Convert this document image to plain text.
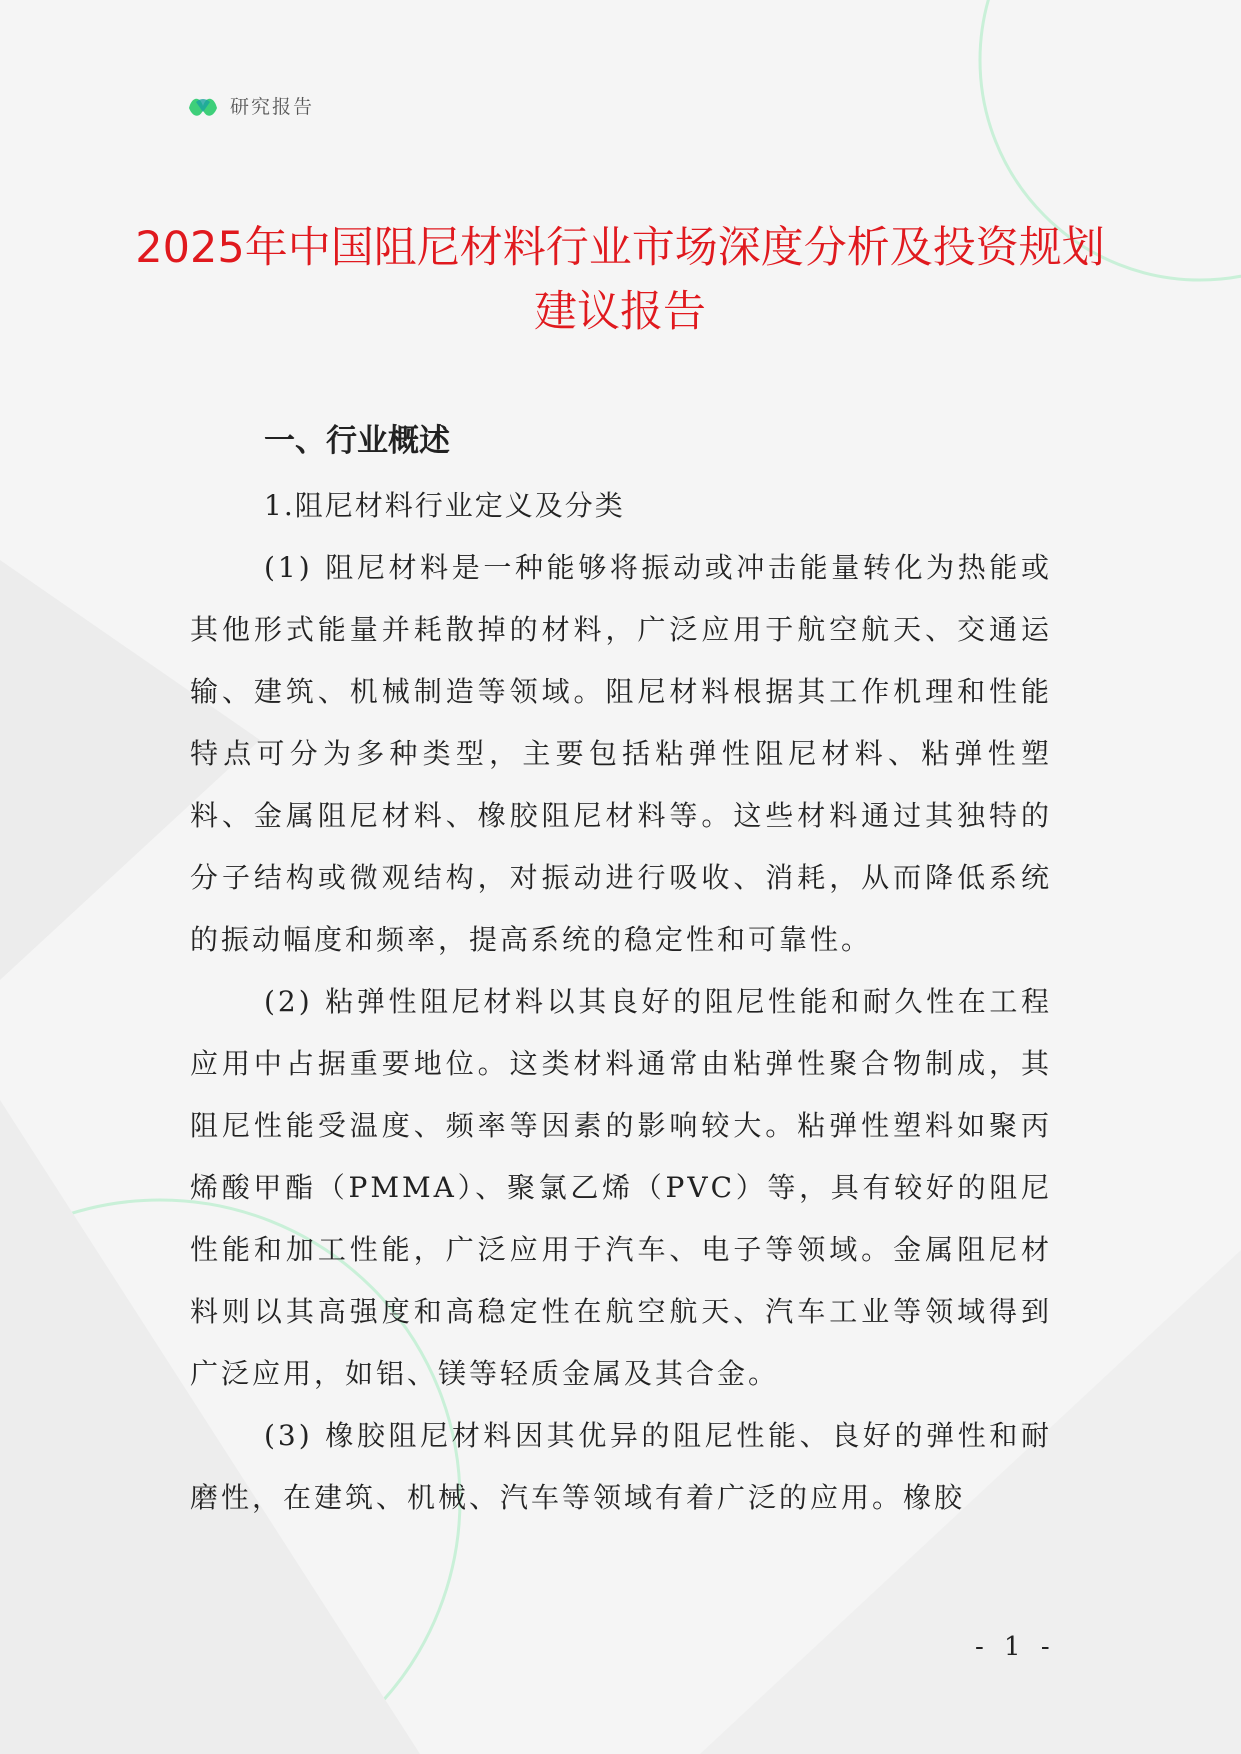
研究报告
2025年中国阻尼材料行业市场深度分析及投资规划建议报告
一、行业概述
1.阻尼材料行业定义及分类

(1) 阻尼材料是一种能够将振动或冲击能量转化为热能或其他形式能量并耗散掉的材料，广泛应用于航空航天、交通运输、建筑、机械制造等领域。阻尼材料根据其工作机理和性能特点可分为多种类型，主要包括粘弹性阻尼材料、粘弹性塑料、金属阻尼材料、橡胶阻尼材料等。这些材料通过其独特的分子结构或微观结构，对振动进行吸收、消耗，从而降低系统的振动幅度和频率，提高系统的稳定性和可靠性。

(2) 粘弹性阻尼材料以其良好的阻尼性能和耐久性在工程应用中占据重要地位。这类材料通常由粘弹性聚合物制成，其阻尼性能受温度、频率等因素的影响较大。粘弹性塑料如聚丙烯酸甲酯（PMMA）、聚氯乙烯（PVC）等，具有较好的阻尼性能和加工性能，广泛应用于汽车、电子等领域。金属阻尼材料则以其高强度和高稳定性在航空航天、汽车工业等领域得到广泛应用，如铝、镁等轻质金属及其合金。

(3) 橡胶阻尼材料因其优异的阻尼性能、良好的弹性和耐磨性，在建筑、机械、汽车等领域有着广泛的应用。橡胶

- 1 -
